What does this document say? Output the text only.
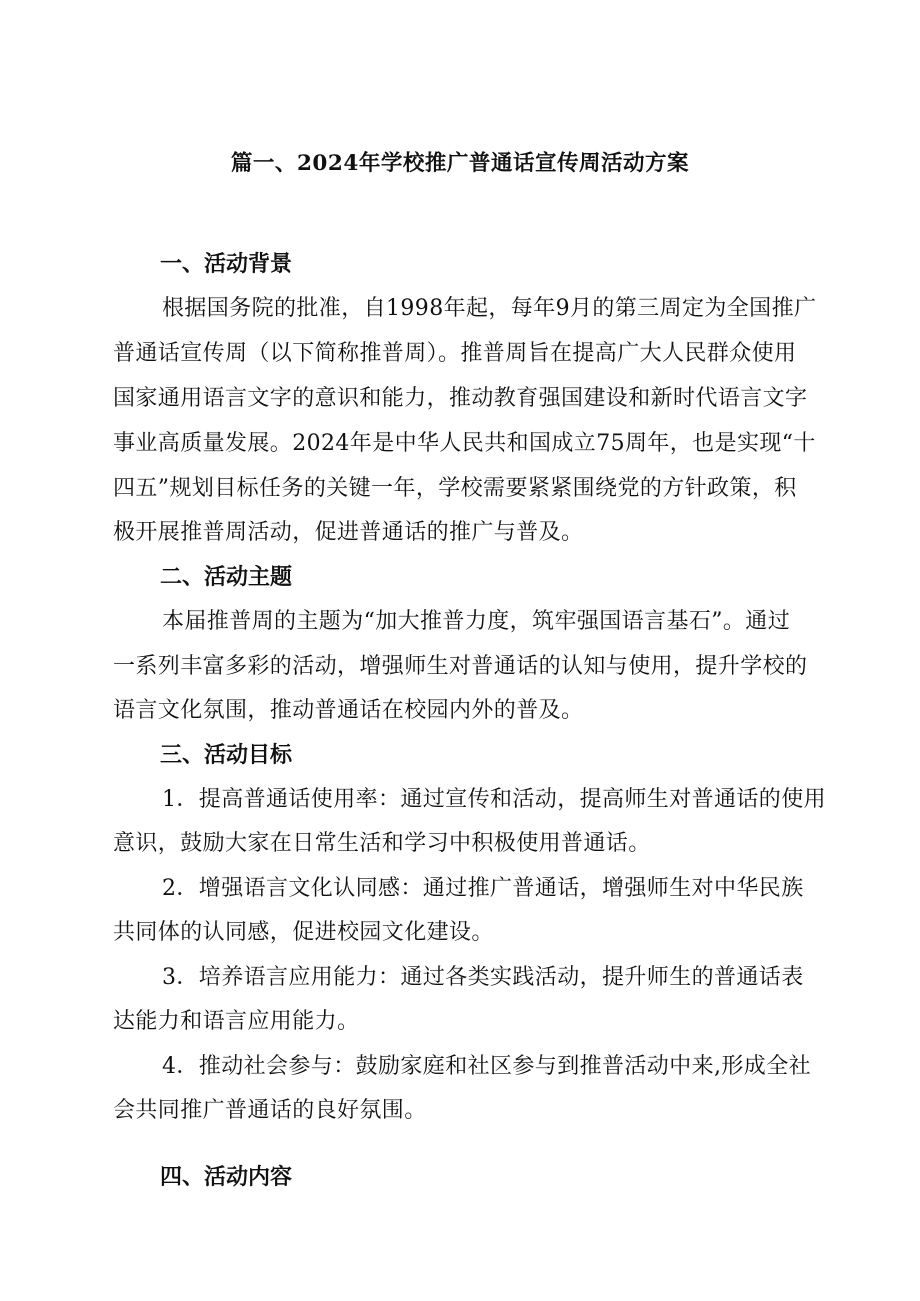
篇一、2024年学校推广普通话宣传周活动方案
一、活动背景
根据国务院的批准，自1998年起，每年9月的第三周定为全国推广
普通话宣传周（以下简称推普周）。推普周旨在提高广大人民群众使用
国家通用语言文字的意识和能力，推动教育强国建设和新时代语言文字
事业高质量发展。2024年是中华人民共和国成立75周年，也是实现“十
四五”规划目标任务的关键一年，学校需要紧紧围绕党的方针政策，积
极开展推普周活动，促进普通话的推广与普及。
二、活动主题
本届推普周的主题为“加大推普力度，筑牢强国语言基石”。通过
一系列丰富多彩的活动，增强师生对普通话的认知与使用，提升学校的
语言文化氛围，推动普通话在校园内外的普及。
三、活动目标
1．提高普通话使用率：通过宣传和活动，提高师生对普通话的使用
意识，鼓励大家在日常生活和学习中积极使用普通话。
2．增强语言文化认同感：通过推广普通话，增强师生对中华民族
共同体的认同感，促进校园文化建设。
3．培养语言应用能力：通过各类实践活动，提升师生的普通话表
达能力和语言应用能力。
4．推动社会参与：鼓励家庭和社区参与到推普活动中来,形成全社
会共同推广普通话的良好氛围。
四、活动内容
